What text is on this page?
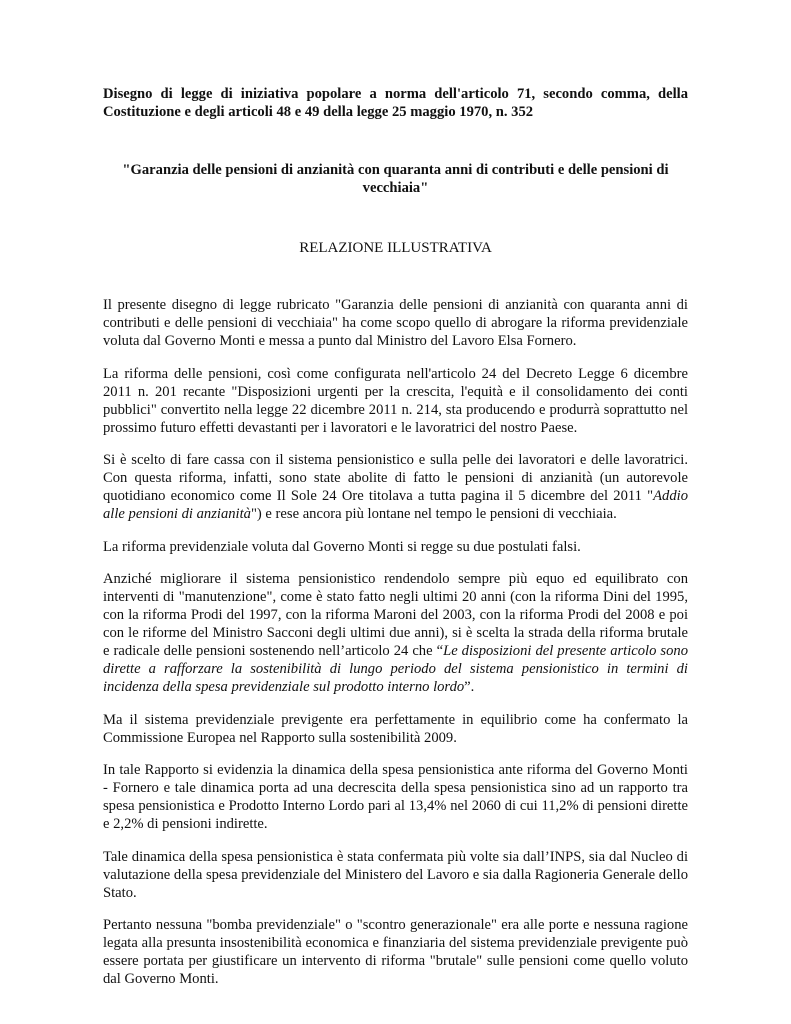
Disegno di legge di iniziativa popolare a norma dell'articolo 71, secondo comma, della Costituzione e degli articoli 48 e 49 della legge 25 maggio 1970, n. 352

"Garanzia delle pensioni di anzianità con quaranta anni di contributi e delle pensioni di vecchiaia"

RELAZIONE ILLUSTRATIVA

Il presente disegno di legge rubricato "Garanzia delle pensioni di anzianità con quaranta anni di contributi e delle pensioni di vecchiaia" ha come scopo quello di abrogare la riforma previdenziale voluta dal Governo Monti e messa a punto dal Ministro del Lavoro Elsa Fornero.

La riforma delle pensioni, così come configurata nell'articolo 24 del Decreto Legge 6 dicembre 2011 n. 201 recante "Disposizioni urgenti per la crescita, l'equità e il consolidamento dei conti pubblici" convertito nella legge 22 dicembre 2011 n. 214, sta producendo e produrrà soprattutto nel prossimo futuro effetti devastanti per i lavoratori e le lavoratrici del nostro Paese.

Si è scelto di fare cassa con il sistema pensionistico e sulla pelle dei lavoratori e delle lavoratrici. Con questa riforma, infatti, sono state abolite di fatto le pensioni di anzianità (un autorevole quotidiano economico come Il Sole 24 Ore titolava a tutta pagina il 5 dicembre del 2011 "Addio alle pensioni di anzianità") e rese ancora più lontane nel tempo le pensioni di vecchiaia.

La riforma previdenziale voluta dal Governo Monti si regge su due postulati falsi.

Anziché migliorare il sistema pensionistico rendendolo sempre più equo ed equilibrato con interventi di "manutenzione", come è stato fatto negli ultimi 20 anni (con la riforma Dini del 1995, con la riforma Prodi del 1997, con la riforma Maroni del 2003, con la riforma Prodi del 2008 e poi con le riforme del Ministro Sacconi degli ultimi due anni), si è scelta la strada della riforma brutale e radicale delle pensioni sostenendo nell’articolo 24 che “Le disposizioni del presente articolo sono dirette a rafforzare la sostenibilità di lungo periodo del sistema pensionistico in termini di incidenza della spesa previdenziale sul prodotto interno lordo”.

Ma il sistema previdenziale previgente era perfettamente in equilibrio come ha confermato la Commissione Europea nel Rapporto sulla sostenibilità 2009.

In tale Rapporto si evidenzia la dinamica della spesa pensionistica ante riforma del Governo Monti - Fornero e tale dinamica porta ad una decrescita della spesa pensionistica sino ad un rapporto tra spesa pensionistica e Prodotto Interno Lordo pari al 13,4% nel 2060 di cui 11,2% di pensioni dirette e 2,2% di pensioni indirette.

Tale dinamica della spesa pensionistica è stata confermata più volte sia dall’INPS, sia dal Nucleo di valutazione della spesa previdenziale del Ministero del Lavoro e sia dalla Ragioneria Generale dello Stato.

Pertanto nessuna "bomba previdenziale" o "scontro generazionale" era alle porte e nessuna ragione legata alla presunta insostenibilità economica e finanziaria del sistema previdenziale previgente può essere portata per giustificare un intervento di riforma "brutale" sulle pensioni come quello voluto dal Governo Monti.
